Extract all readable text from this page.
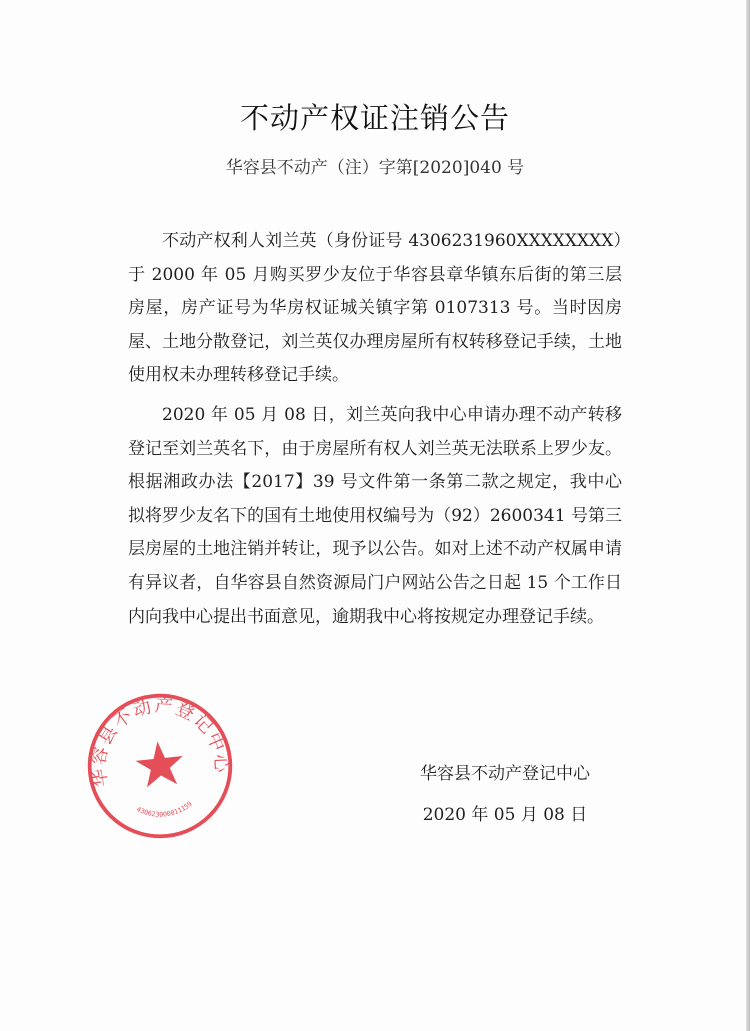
不动产权证注销公告
华容县不动产（注）字第[2020]040 号

不动产权利人刘兰英（身份证号 4306231960XXXXXXXX）于 2000 年 05 月购买罗少友位于华容县章华镇东后街的第三层房屋，房产证号为华房权证城关镇字第 0107313 号。当时因房屋、土地分散登记，刘兰英仅办理房屋所有权转移登记手续，土地使用权未办理转移登记手续。

2020 年 05 月 08 日，刘兰英向我中心申请办理不动产转移登记至刘兰英名下，由于房屋所有权人刘兰英无法联系上罗少友。根据湘政办法【2017】39 号文件第一条第二款之规定，我中心拟将罗少友名下的国有土地使用权编号为（92）2600341 号第三层房屋的土地注销并转让，现予以公告。如对上述不动产权属申请有异议者，自华容县自然资源局门户网站公告之日起 15 个工作日内向我中心提出书面意见，逾期我中心将按规定办理登记手续。

华容县不动产登记中心
2020 年 05 月 08 日
华容县不动产登记中心
430623000011159
